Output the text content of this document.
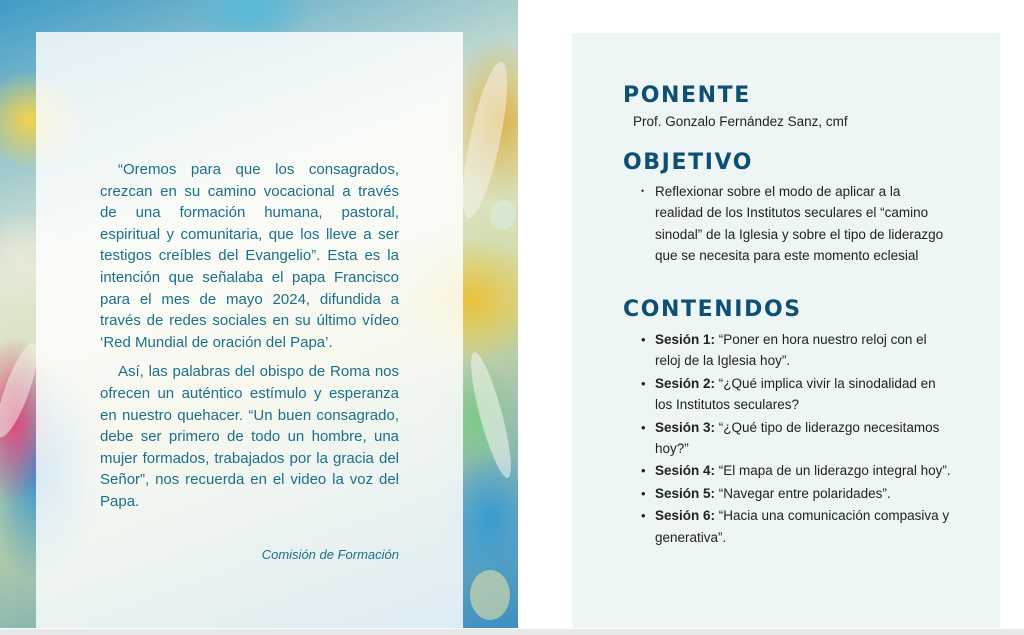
“Oremos para que los consagrados, crezcan en su camino vocacional a través de una formación humana, pastoral, espiritual y comunitaria, que los lleve a ser testigos creíbles del Evangelio”. Esta es la intención que señalaba el papa Francisco para el mes de mayo 2024, difundida a través de redes sociales en su último vídeo ‘Red Mundial de oración del Papa’.

Así, las palabras del obispo de Roma nos ofrecen un auténtico estímulo y esperanza en nuestro quehacer. “Un buen consagrado, debe ser primero de todo un hombre, una mujer formados, trabajados por la gracia del Señor”, nos recuerda en el video la voz del Papa.

Comisión de Formación
PONENTE
Prof. Gonzalo Fernández Sanz, cmf
OBJETIVO
• Reflexionar sobre el modo de aplicar a la realidad de los Institutos seculares el “camino sinodal” de la Iglesia y sobre el tipo de liderazgo que se necesita para este momento eclesial
CONTENIDOS
• Sesión 1: “Poner en hora nuestro reloj con el reloj de la Iglesia hoy”.
• Sesión 2: “¿Qué implica vivir la sinodalidad en los Institutos seculares?
• Sesión 3: “¿Qué tipo de liderazgo necesitamos hoy?”
• Sesión 4: “El mapa de un liderazgo integral hoy”.
• Sesión 5: “Navegar entre polaridades”.
• Sesión 6: “Hacia una comunicación compasiva y generativa”.
